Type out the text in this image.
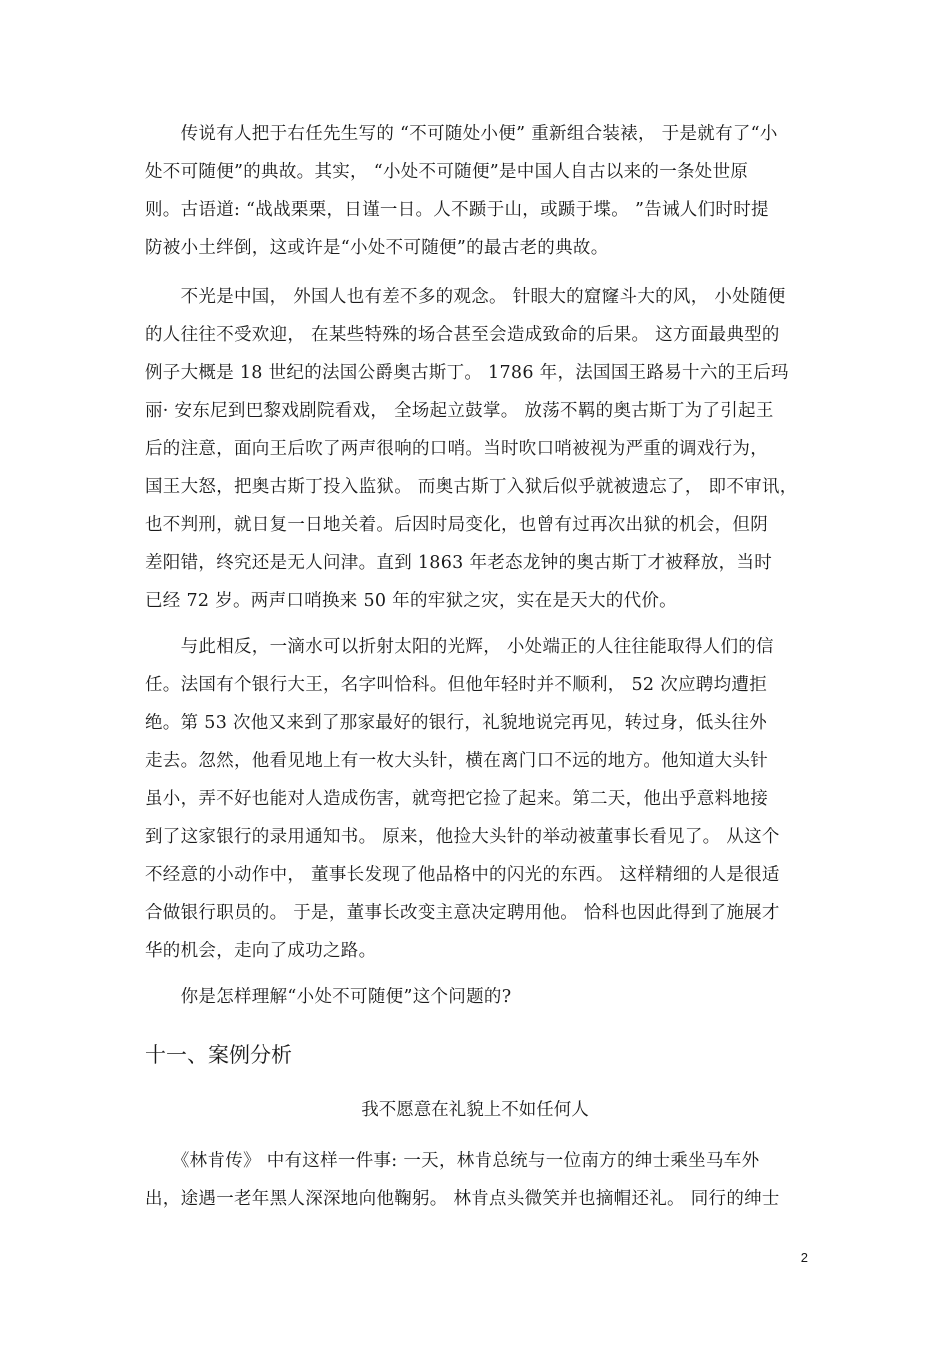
　　传说有人把于右任先生写的 “不可随处小便” 重新组合装裱， 于是就有了“小
处不可随便”的典故。其实， “小处不可随便”是中国人自古以来的一条处世原
则。古语道: “战战栗栗，日谨一日。人不踬于山，或踬于堞。 ”告诫人们时时提
防被小土绊倒，这或许是“小处不可随便”的最古老的典故。
　　不光是中国， 外国人也有差不多的观念。 针眼大的窟窿斗大的风， 小处随便
的人往往不受欢迎， 在某些特殊的场合甚至会造成致命的后果。 这方面最典型的
例子大概是 18 世纪的法国公爵奥古斯丁。 1786 年，法国国王路易十六的王后玛
丽· 安东尼到巴黎戏剧院看戏， 全场起立鼓掌。 放荡不羁的奥古斯丁为了引起王
后的注意，面向王后吹了两声很响的口哨。当时吹口哨被视为严重的调戏行为，
国王大怒，把奥古斯丁投入监狱。 而奥古斯丁入狱后似乎就被遗忘了， 即不审讯，
也不判刑，就日复一日地关着。后因时局变化，也曾有过再次出狱的机会，但阴
差阳错，终究还是无人问津。直到 1863 年老态龙钟的奥古斯丁才被释放，当时
已经 72 岁。两声口哨换来 50 年的牢狱之灾，实在是天大的代价。
　　与此相反，一滴水可以折射太阳的光辉， 小处端正的人往往能取得人们的信
任。法国有个银行大王，名字叫恰科。但他年轻时并不顺利， 52 次应聘均遭拒
绝。第 53 次他又来到了那家最好的银行，礼貌地说完再见，转过身，低头往外
走去。忽然，他看见地上有一枚大头针，横在离门口不远的地方。他知道大头针
虽小，弄不好也能对人造成伤害，就弯把它捡了起来。第二天，他出乎意料地接
到了这家银行的录用通知书。 原来，他捡大头针的举动被董事长看见了。 从这个
不经意的小动作中， 董事长发现了他品格中的闪光的东西。 这样精细的人是很适
合做银行职员的。 于是，董事长改变主意决定聘用他。 恰科也因此得到了施展才
华的机会，走向了成功之路。
　　你是怎样理解“小处不可随便”这个问题的?
十一、案例分析
我不愿意在礼貌上不如任何人
　　《林肯传》 中有这样一件事: 一天，林肯总统与一位南方的绅士乘坐马车外
出，途遇一老年黑人深深地向他鞠躬。 林肯点头微笑并也摘帽还礼。 同行的绅士
2
